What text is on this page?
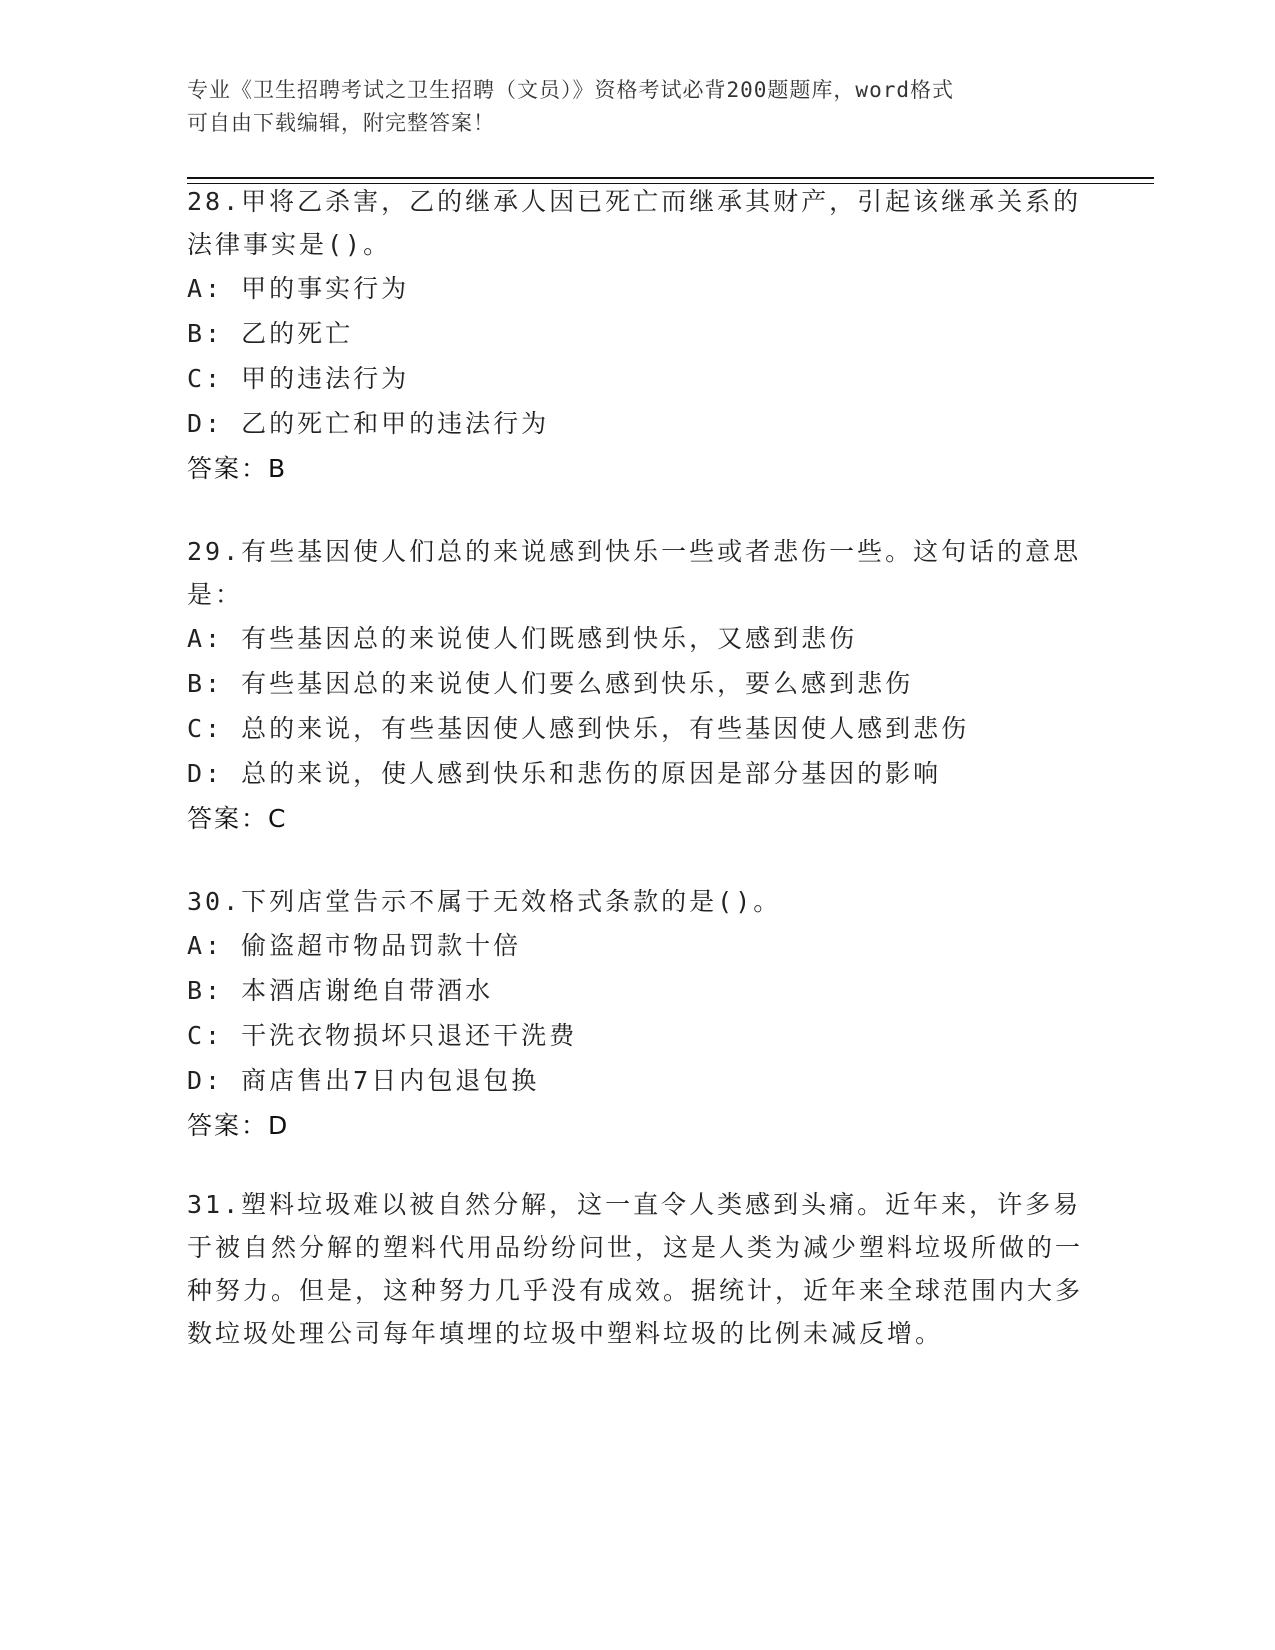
专业《卫生招聘考试之卫生招聘（文员）》资格考试必背200题题库，word格式
可自由下载编辑，附完整答案！

28.甲将乙杀害，乙的继承人因已死亡而继承其财产，引起该继承关系的法律事实是()。

A: 甲的事实行为

B: 乙的死亡

C: 甲的违法行为

D: 乙的死亡和甲的违法行为

答案：B

29.有些基因使人们总的来说感到快乐一些或者悲伤一些。这句话的意思是：

A: 有些基因总的来说使人们既感到快乐，又感到悲伤

B: 有些基因总的来说使人们要么感到快乐，要么感到悲伤

C: 总的来说，有些基因使人感到快乐，有些基因使人感到悲伤

D: 总的来说，使人感到快乐和悲伤的原因是部分基因的影响

答案：C

30.下列店堂告示不属于无效格式条款的是()。

A: 偷盗超市物品罚款十倍

B: 本酒店谢绝自带酒水

C: 干洗衣物损坏只退还干洗费

D: 商店售出7日内包退包换

答案：D

31.塑料垃圾难以被自然分解，这一直令人类感到头痛。近年来，许多易于被自然分解的塑料代用品纷纷问世，这是人类为减少塑料垃圾所做的一种努力。但是，这种努力几乎没有成效。据统计，近年来全球范围内大多数垃圾处理公司每年填埋的垃圾中塑料垃圾的比例未减反增。
